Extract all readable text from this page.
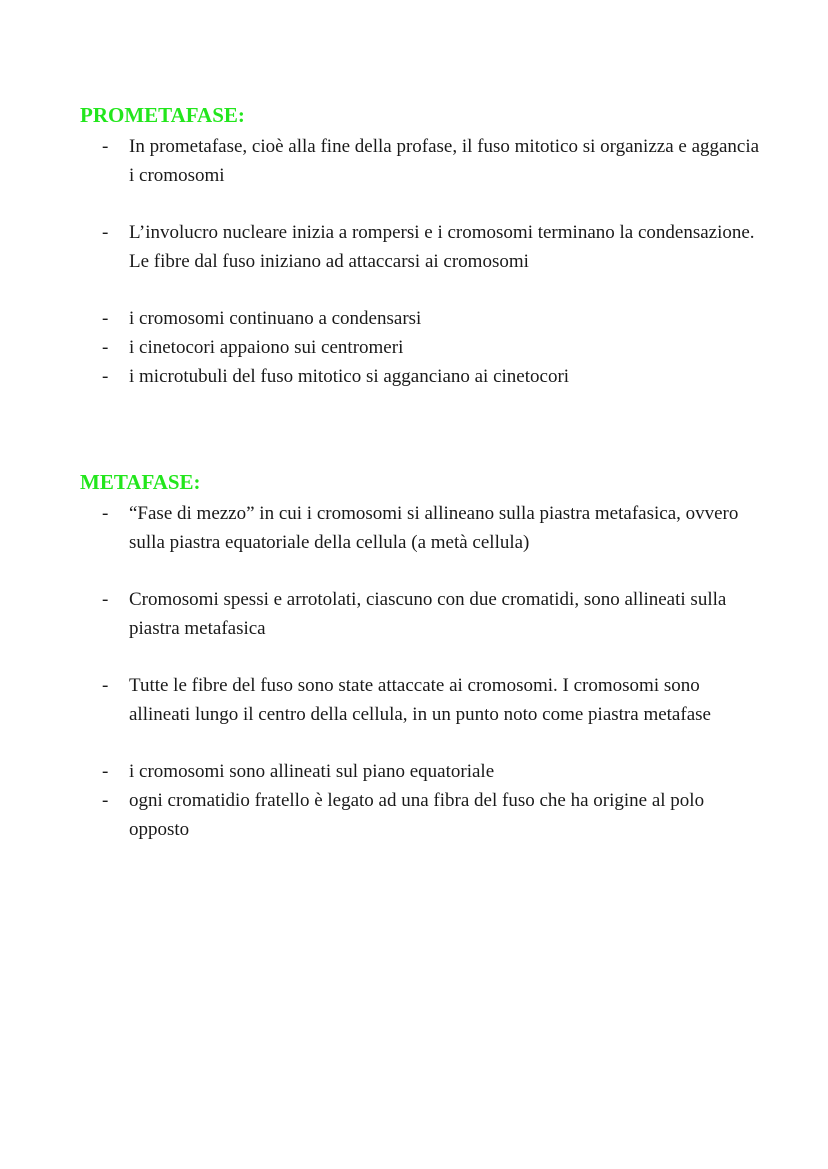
PROMETAFASE:
- In prometafase, cioè alla fine della profase, il fuso mitotico si organizza e aggancia i cromosomi
- L’involucro nucleare inizia a rompersi e i cromosomi terminano la condensazione. Le fibre dal fuso iniziano ad attaccarsi ai cromosomi
- i cromosomi continuano a condensarsi
- i cinetocori appaiono sui centromeri
- i microtubuli del fuso mitotico si agganciano ai cinetocori
METAFASE:
- “Fase di mezzo” in cui i cromosomi si allineano sulla piastra metafasica, ovvero sulla piastra equatoriale della cellula (a metà cellula)
- Cromosomi spessi e arrotolati, ciascuno con due cromatidi, sono allineati sulla piastra metafasica
- Tutte le fibre del fuso sono state attaccate ai cromosomi. I cromosomi sono allineati lungo il centro della cellula, in un punto noto come piastra metafase
- i cromosomi sono allineati sul piano equatoriale
- ogni cromatidio fratello è legato ad una fibra del fuso che ha origine al polo opposto
